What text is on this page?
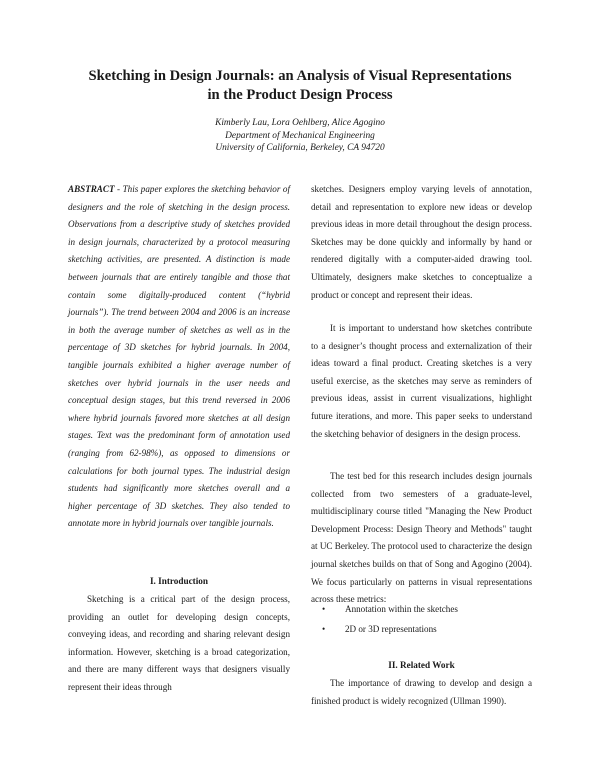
Sketching in Design Journals: an Analysis of Visual Representations
in the Product Design Process
Kimberly Lau, Lora Oehlberg, Alice Agogino
Department of Mechanical Engineering
University of California, Berkeley, CA 94720

ABSTRACT - This paper explores the sketching behavior of designers and the role of sketching in the design process. Observations from a descriptive study of sketches provided in design journals, characterized by a protocol measuring sketching activities, are presented. A distinction is made between journals that are entirely tangible and those that contain some digitally-produced content (“hybrid journals”). The trend between 2004 and 2006 is an increase in both the average number of sketches as well as in the percentage of 3D sketches for hybrid journals. In 2004, tangible journals exhibited a higher average number of sketches over hybrid journals in the user needs and conceptual design stages, but this trend reversed in 2006 where hybrid journals favored more sketches at all design stages. Text was the predominant form of annotation used (ranging from 62-98%), as opposed to dimensions or calculations for both journal types. The industrial design students had significantly more sketches overall and a higher percentage of 3D sketches. They also tended to annotate more in hybrid journals over tangible journals.

I. Introduction

Sketching is a critical part of the design process, providing an outlet for developing design concepts, conveying ideas, and recording and sharing relevant design information. However, sketching is a broad categorization, and there are many different ways that designers visually represent their ideas through

sketches. Designers employ varying levels of annotation, detail and representation to explore new ideas or develop previous ideas in more detail throughout the design process. Sketches may be done quickly and informally by hand or rendered digitally with a computer-aided drawing tool. Ultimately, designers make sketches to conceptualize a product or concept and represent their ideas.

It is important to understand how sketches contribute to a designer’s thought process and externalization of their ideas toward a final product. Creating sketches is a very useful exercise, as the sketches may serve as reminders of previous ideas, assist in current visualizations, highlight future iterations, and more. This paper seeks to understand the sketching behavior of designers in the design process.

The test bed for this research includes design journals collected from two semesters of a graduate-level, multidisciplinary course titled "Managing the New Product Development Process: Design Theory and Methods" taught at UC Berkeley. The protocol used to characterize the design journal sketches builds on that of Song and Agogino (2004). We focus particularly on patterns in visual representations across these metrics:

• Annotation within the sketches
• 2D or 3D representations
II. Related Work

The importance of drawing to develop and design a finished product is widely recognized (Ullman 1990).
